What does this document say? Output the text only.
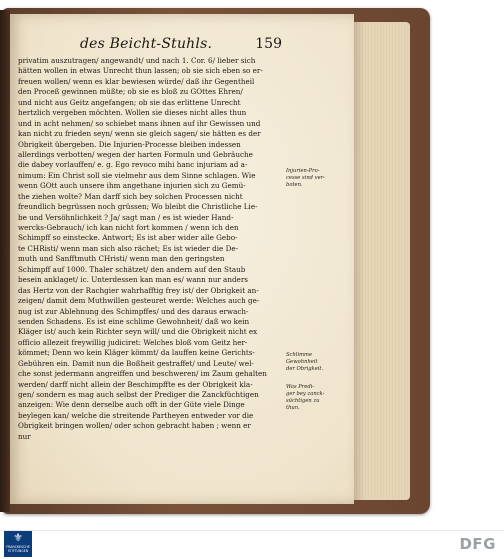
des Beicht-Stuhls.	159
privatim auszutragen/ angewandt/ und nach 1. Cor. 6/ lieber sich
hätten wollen in etwas Unrecht thun lassen; ob sie sich eben so er-
freuen wollen/ wenn es klar bewiesen würde/ daß ihr Gegentheil
den Proceß gewinnen müßte; ob sie es bloß zu GOttes Ehren/
und nicht aus Geitz angefangen; ob sie das erlittene Unrecht
hertzlich vergeben möchten. Wollen sie dieses nicht alles thun
und in acht nehmen/ so schiebet mans ihnen auf ihr Gewissen und
kan nicht zu frieden seyn/ wenn sie gleich sagen/ sie hätten es der
Obrigkeit übergeben. Die Injurien-Processe bleiben indessen
allerdings verbotten/ wegen der harten Formuln und Gebräuche
die dabey vorlauffen/ e. g. Ego revoco mihi hanc injuriam ad a-
nimum: Ein Christ soll sie vielmehr aus dem Sinne schlagen. Wie
wenn GOtt auch unsere ihm angethane injurien sich zu Gemü-
the ziehen wolte? Man darff sich bey solchen Processen nicht
freundlich begrüssen noch grüssen; Wo bleibt die Christliche Lie-
be und Versöhnlichkeit ? Ja/ sagt man / es ist wieder Hand-
wercks-Gebrauch/ ich kan nicht fort kommen / wenn ich den
Schimpff so einstecke. Antwort; Es ist aber wider alle Gebo-
te CHRisti/ wenn man sich also rächet; Es ist wieder die De-
muth und Sanfftmuth CHristi/ wenn man den geringsten
Schimpff auf 1000. Thaler schätzet/ den andern auf den Staub
besein anklaget/ ic. Unterdessen kan man es/ wann nur anders
das Hertz von der Rachgier wahrhafftig frey ist/ der Obrigkeit an-
zeigen/ damit dem Muthwillen gesteuret werde: Welches auch ge-
nug ist zur Ablehnung des Schimpffes/ und des daraus erwach-
senden Schadens. Es ist eine schlime Gewohnheit/ daß wo kein
Kläger ist/ auch kein Richter seyn will/ und die Obrigkeit nicht ex
officio allezeit freywillig judiciret: Welches bloß vom Geitz her-
kömmet; Denn wo kein Kläger kömmt/ da lauffen keine Gerichts-
Gebühren ein. Damit nun die Boßheit gestraffet/ und Leute/ wel-
che sonst jedermann angreiffen und beschweren/ im Zaum gehalten
werden/ darff nicht allein der Beschimpffte es der Obrigkeit kla-
gen/ sondern es mag auch selbst der Prediger die Zanckfüchtigen
anzeigen: Wie denn derselbe auch offt in der Güte viele Dinge
beylegen kan/ welche die streitende Partheyen entweder vor die
Obrigkeit bringen wollen/ oder schon gebracht haben ; wenn er
nur
Injurien-Pro-
cesse sind ver-
boten.
Schlimme
Gewohnheit
der Obrigkeit.
Was Predi-
ger bey zanck-
süchtigen zu
thun.
⚜
FRANCKESCHE STIFTUNGEN	DFG
